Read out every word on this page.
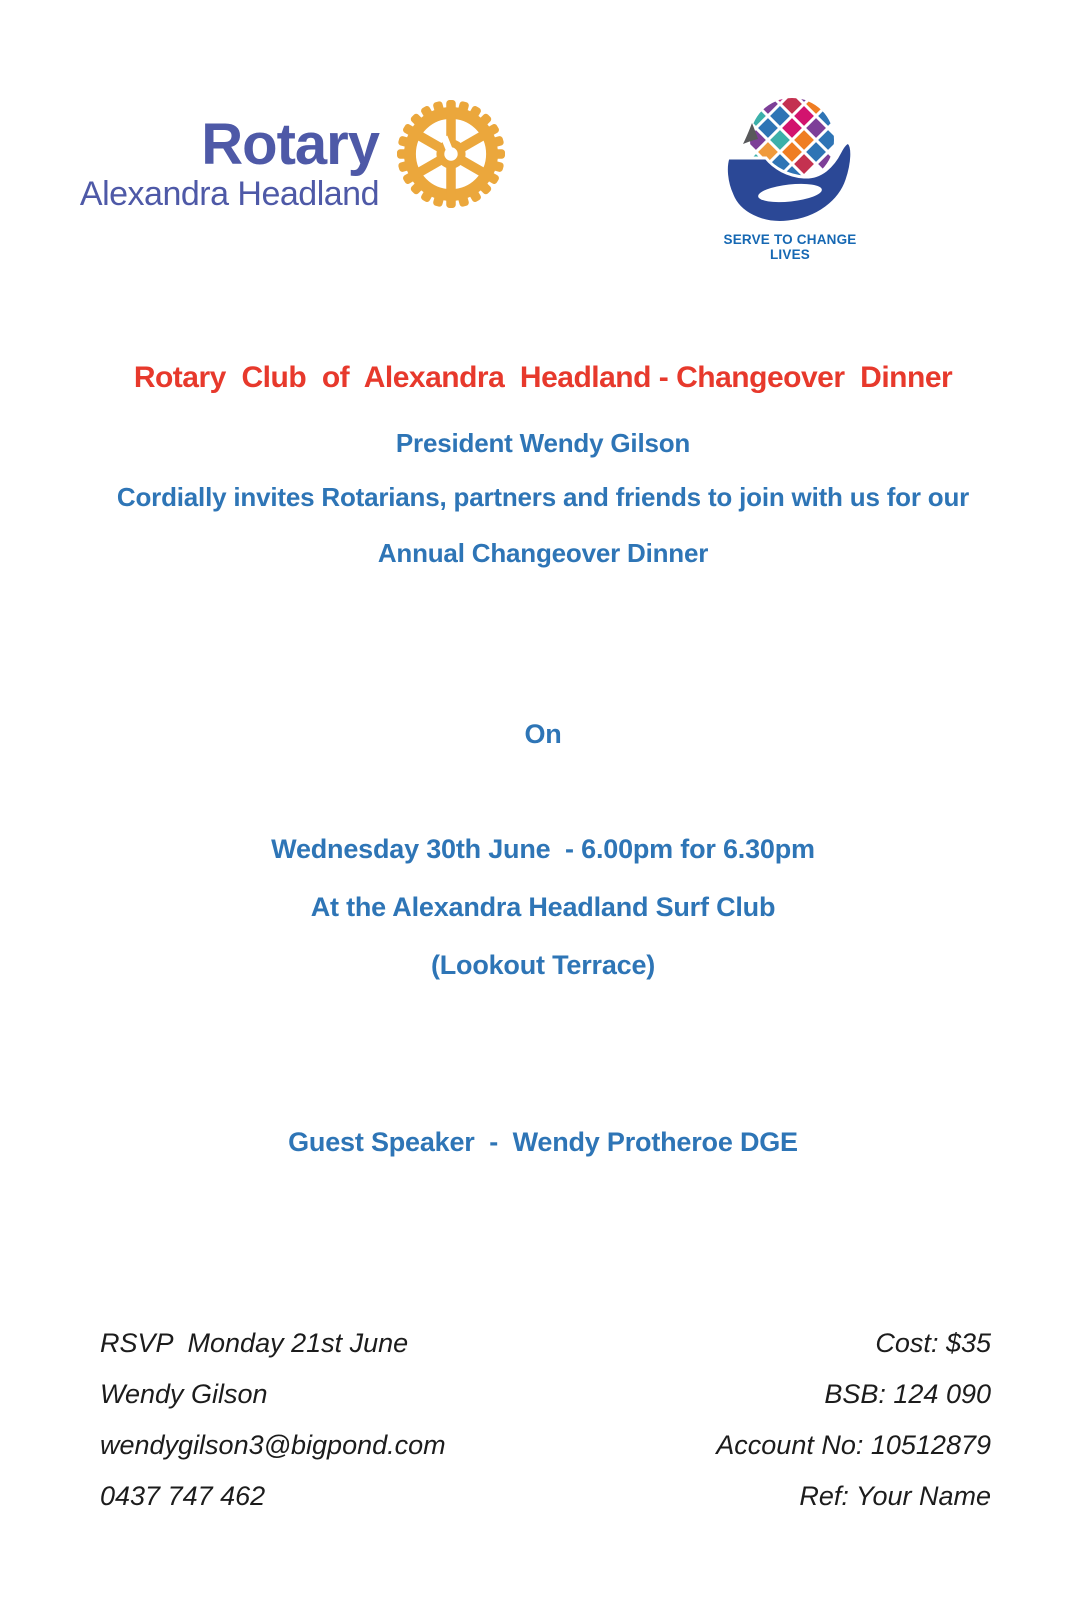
Rotary
Alexandra Headland
SERVE TO CHANGE LIVES
Rotary  Club  of  Alexandra  Headland - Changeover  Dinner
President Wendy Gilson
Cordially invites Rotarians, partners and friends to join with us for our
Annual Changeover Dinner
On
Wednesday 30th June  - 6.00pm for 6.30pm
At the Alexandra Headland Surf Club
(Lookout Terrace)
Guest Speaker  -  Wendy Protheroe DGE
RSVP  Monday 21st June
Wendy Gilson
wendygilson3@bigpond.com
0437 747 462
Cost: $35
BSB: 124 090
Account No: 10512879
Ref: Your Name
